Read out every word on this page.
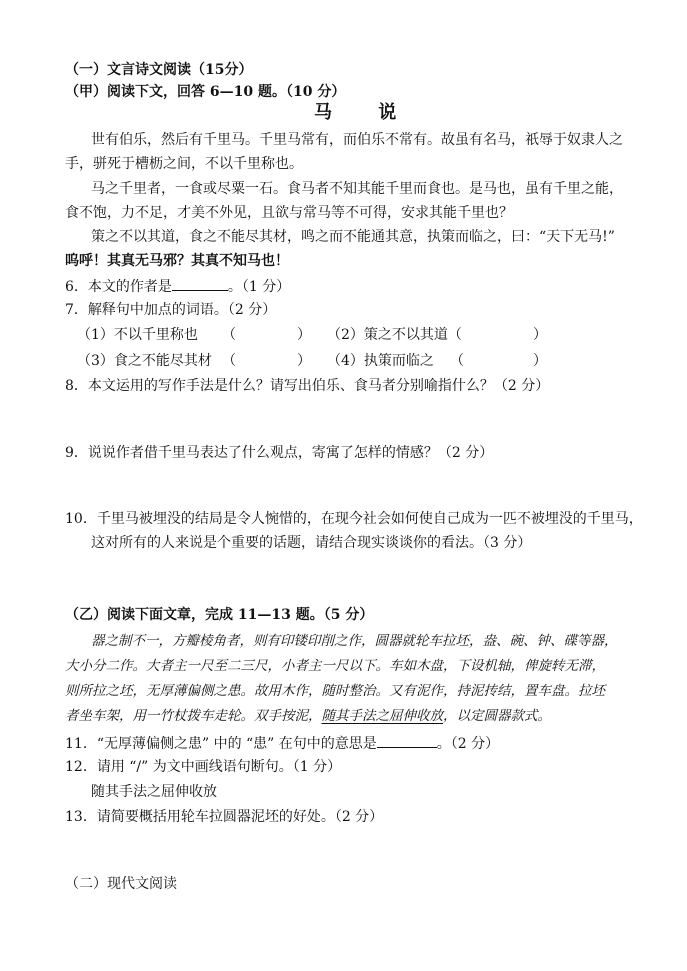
（一）文言诗文阅读（15分）
（甲）阅读下文，回答 6—10 题。（10 分）
马 说
世有伯乐，然后有千里马。千里马常有，而伯乐不常有。故虽有名马，祇辱于奴隶人之
手，骈死于槽枥之间，不以千里称也。
马之千里者，一食或尽粟一石。食马者不知其能千里而食也。是马也，虽有千里之能，
食不饱，力不足，才美不外见，且欲与常马等不可得，安求其能千里也？
策之不以其道，食之不能尽其材，鸣之而不能通其意，执策而临之，曰：“天下无马!”
呜呼！其真无马邪？其真不知马也！
6．本文的作者是	。（1 分）
7．解释句中加点的词语。（2 分）
（1）不以千里称也 （	） （2）策之不以其道（	）
（3）食之不能尽其材 （	） （4）执策而临之 （	）
8．本文运用的写作手法是什么？请写出伯乐、食马者分别喻指什么？（2 分）
9．说说作者借千里马表达了什么观点，寄寓了怎样的情感？（2 分）
10．千里马被埋没的结局是令人惋惜的，在现今社会如何使自己成为一匹不被埋没的千里马，
这对所有的人来说是个重要的话题，请结合现实谈谈你的看法。（3 分）
（乙）阅读下面文章，完成 11—13 题。（5 分）
器之制不一，方瓣棱角者，则有印镂印削之作，圆器就轮车拉坯，盎、碗、钟、碟等器，
大小分二作。大者主一尺至二三尺，小者主一尺以下。车如木盘，下设机轴，俾旋转无滞，
则所拉之坯，无厚薄偏侧之患。故用木作，随时整治。又有泥作，持泥抟结，置车盘。拉坯
者坐车架，用一竹杖拨车走轮。双手按泥，随其手法之屈伸收放，以定圆器款式。
11．“无厚薄偏侧之患” 中的 “患” 在句中的意思是	。（2 分）
12．请用 “/” 为文中画线语句断句。（1 分）
随其手法之屈伸收放
13．请简要概括用轮车拉圆器泥坯的好处。（2 分）
（二）现代文阅读
